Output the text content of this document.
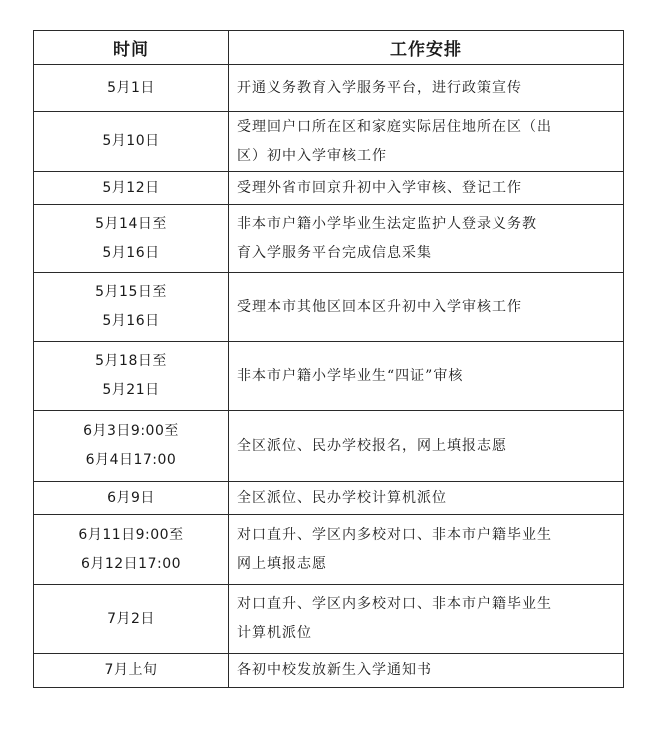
时间	工作安排

5月1日	开通义务教育入学服务平台，进行政策宣传

5月10日	受理回户口所在区和家庭实际居住地所在区（出
区）初中入学审核工作

5月12日	受理外省市回京升初中入学审核、登记工作

5月14日至
5月16日	非本市户籍小学毕业生法定监护人登录义务教
育入学服务平台完成信息采集

5月15日至
5月16日	受理本市其他区回本区升初中入学审核工作

5月18日至
5月21日	非本市户籍小学毕业生“四证”审核

6月3日9:00至
6月4日17:00	全区派位、民办学校报名，网上填报志愿

6月9日	全区派位、民办学校计算机派位

6月11日9:00至
6月12日17:00	对口直升、学区内多校对口、非本市户籍毕业生
网上填报志愿

7月2日	对口直升、学区内多校对口、非本市户籍毕业生
计算机派位

7月上旬	各初中校发放新生入学通知书
